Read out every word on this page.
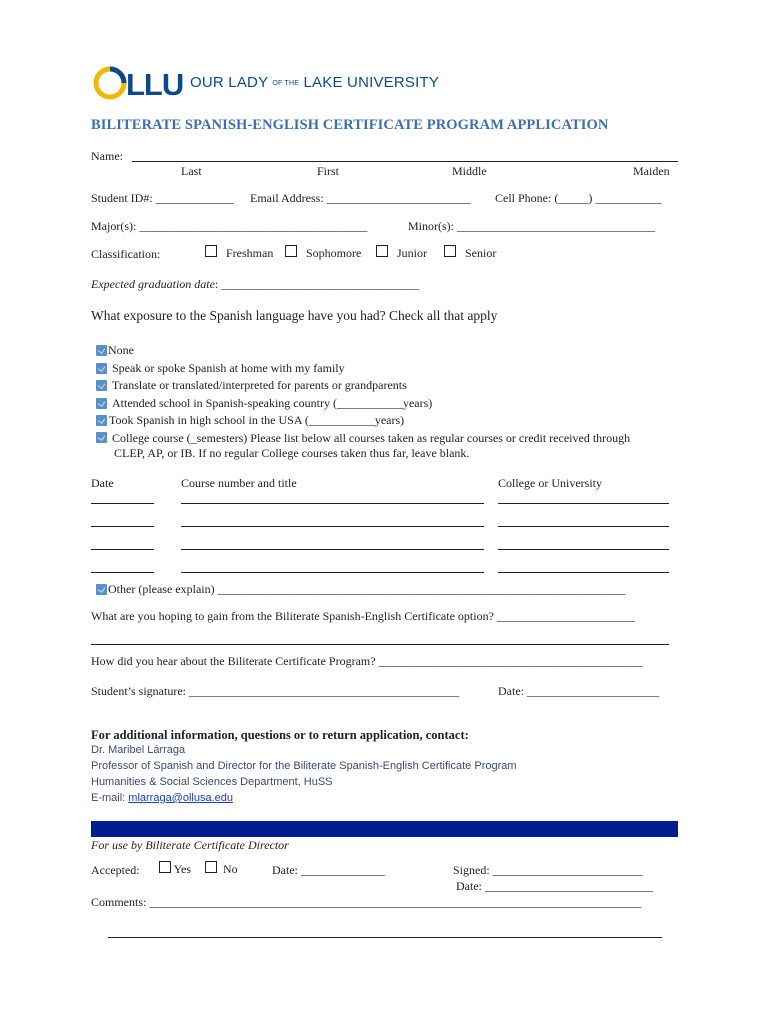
LLU OUR LADY OF THE LAKE UNIVERSITY
BILITERATE SPANISH-ENGLISH CERTIFICATE PROGRAM APPLICATION
Name:
Last	First	Middle	Maiden
Student ID#: _____________ Email Address: ________________________ Cell Phone: (_____) ___________
Major(s): ______________________________________	Minor(s): _________________________________
Classification:	Freshman	Sophomore	Junior	Senior
Expected graduation date: _________________________________
What exposure to the Spanish language have you had? Check all that apply
None
Speak or spoke Spanish at home with my family
Translate or translated/interpreted for parents or grandparents
Attended school in Spanish-speaking country (___________years)
Took Spanish in high school in the USA (___________years)
College course (_semesters) Please list below all courses taken as regular courses or credit received through
CLEP, AP, or IB. If no regular College courses taken thus far, leave blank.
Date	Course number and title	College or University
Other (please explain) ____________________________________________________________________
What are you hoping to gain from the Biliterate Spanish-English Certificate option? _______________________
How did you hear about the Biliterate Certificate Program? ____________________________________________
Student’s signature: _____________________________________________	Date: ______________________
For additional information, questions or to return application, contact:
Dr. Maribel Lárraga
Professor of Spanish and Director for the Biliterate Spanish-English Certificate Program
Humanities & Social Sciences Department, HuSS
E-mail: mlarraga@ollusa.edu
For use by Biliterate Certificate Director
Accepted:	Yes	No	Date: ______________	Signed: _________________________
Date: ____________________________
Comments: __________________________________________________________________________________
